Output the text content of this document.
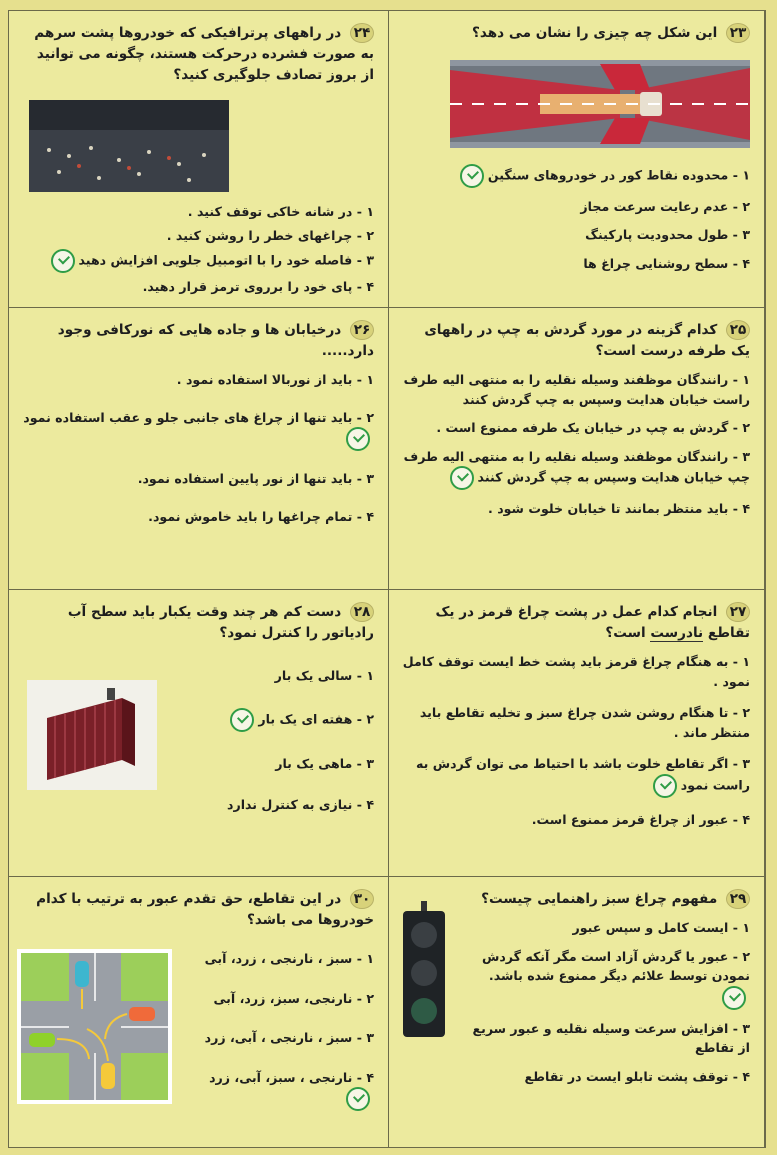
۲۳ این شکل چه چیزی را نشان می دهد؟
۱ - محدوده نقاط کور در خودروهای سنگین
۲ - عدم رعایت سرعت مجاز
۳ - طول محدودیت پارکینگ
۴ - سطح روشنایی چراغ ها
۲۴ در راههای پرترافیکی که خودروها پشت سرهم به صورت فشرده درحرکت هستند، چگونه می توانید از بروز تصادف جلوگیری کنید؟
۱ - در شانه خاکی توقف کنید .
۲ - چراغهای خطر را روشن کنید .
۳ - فاصله خود را با اتومبیل جلویی افزایش دهید
۴ - پای خود را برروی ترمز قرار دهید.
۲۵ کدام گزینه در مورد گردش به چپ در راههای یک طرفه درست است؟
۱ - رانندگان موظفند وسیله نقلیه را به منتهی الیه طرف راست خیابان هدایت وسپس به چپ گردش کنند
۲ - گردش به چپ در خیابان یک طرفه ممنوع است .
۳ - رانندگان موظفند وسیله نقلیه را به منتهی الیه طرف چپ خیابان هدایت وسپس به چپ گردش کنند
۴ - باید منتظر بمانند تا خیابان خلوت شود .
۲۶ درخیابان ها و جاده هایی که نورکافی وجود دارد.....
۱ - باید از نوربالا استفاده نمود .
۲ - باید تنها از چراغ های جانبی جلو و عقب استفاده نمود
۳ - باید تنها از نور پایین استفاده نمود.
۴ - تمام چراغها را باید خاموش نمود.
۲۷ انجام کدام عمل در پشت چراغ قرمز در یک تقاطع نادرست است؟
۱ - به هنگام چراغ قرمز باید پشت خط ایست توقف کامل نمود .
۲ - تا هنگام روشن شدن چراغ سبز و تخلیه تقاطع باید منتظر ماند .
۳ - اگر تقاطع خلوت باشد با احتیاط می توان گردش به راست نمود
۴ - عبور از چراغ قرمز ممنوع است.
۲۸ دست کم هر چند وقت یکبار باید سطح آب رادیاتور را کنترل نمود؟
۱ - سالی یک بار
۲ - هفته ای یک بار
۳ - ماهی یک بار
۴ - نیازی به کنترل ندارد
۲۹ مفهوم چراغ سبز راهنمایی چیست؟
۱ - ایست کامل و سپس عبور
۲ - عبور یا گردش آزاد است مگر آنکه گردش نمودن توسط علائم دیگر ممنوع شده باشد.
۳ - افزایش سرعت وسیله نقلیه و عبور سریع از تقاطع
۴ - توقف پشت تابلو ایست در تقاطع
۳۰ در این تقاطع، حق تقدم عبور به ترتیب با کدام خودروها می باشد؟
۱ - سبز ، نارنجی ، زرد، آبی
۲ - نارنجی، سبز، زرد، آبی
۳ - سبز ، نارنجی ، آبی، زرد
۴ - نارنجی ، سبز، آبی، زرد
